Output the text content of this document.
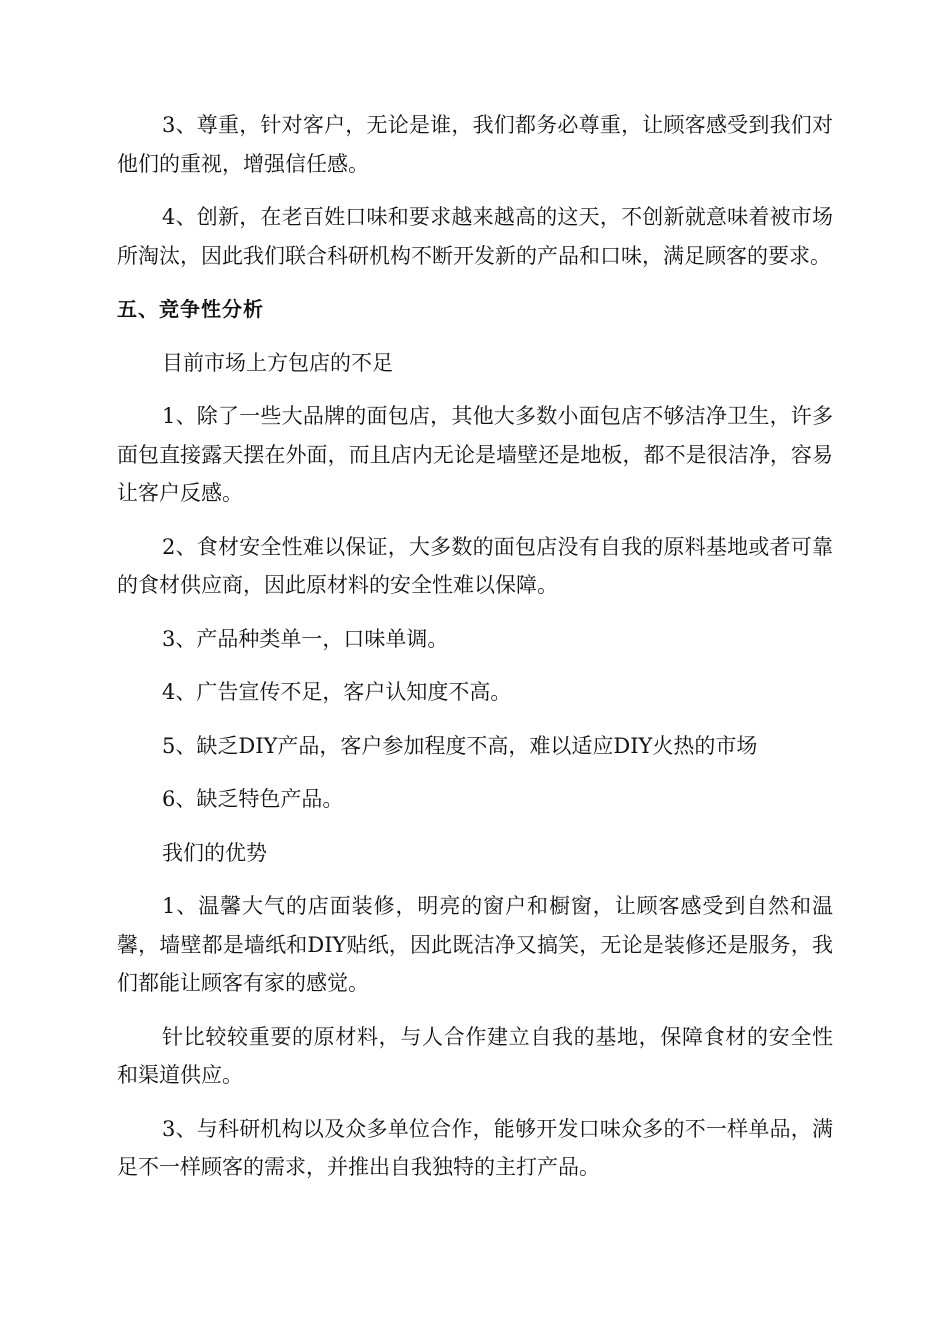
3、尊重，针对客户，无论是谁，我们都务必尊重，让顾客感受到我们对他们的重视，增强信任感。

4、创新，在老百姓口味和要求越来越高的这天，不创新就意味着被市场所淘汰，因此我们联合科研机构不断开发新的产品和口味，满足顾客的要求。

五、竞争性分析

目前市场上方包店的不足

1、除了一些大品牌的面包店，其他大多数小面包店不够洁净卫生，许多面包直接露天摆在外面，而且店内无论是墙壁还是地板，都不是很洁净，容易让客户反感。

2、食材安全性难以保证，大多数的面包店没有自我的原料基地或者可靠的食材供应商，因此原材料的安全性难以保障。

3、产品种类单一，口味单调。

4、广告宣传不足，客户认知度不高。

5、缺乏DIY产品，客户参加程度不高，难以适应DIY火热的市场

6、缺乏特色产品。

我们的优势

1、温馨大气的店面装修，明亮的窗户和橱窗，让顾客感受到自然和温馨，墙壁都是墙纸和DIY贴纸，因此既洁净又搞笑，无论是装修还是服务，我们都能让顾客有家的感觉。

针比较较重要的原材料，与人合作建立自我的基地，保障食材的安全性和渠道供应。

3、与科研机构以及众多单位合作，能够开发口味众多的不一样单品，满足不一样顾客的需求，并推出自我独特的主打产品。
